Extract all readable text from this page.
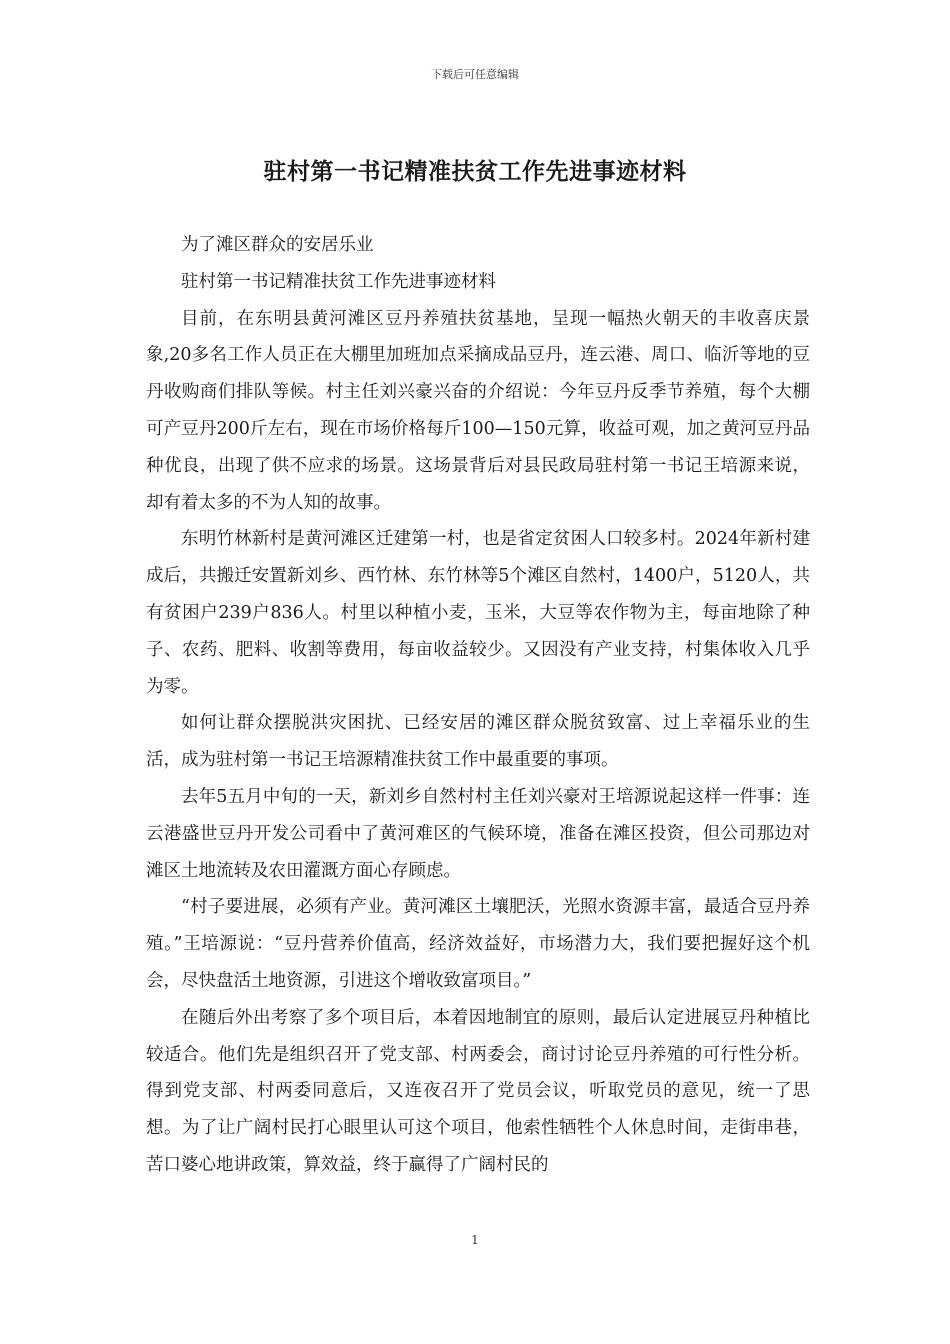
下载后可任意编辑
驻村第一书记精准扶贫工作先进事迹材料

为了滩区群众的安居乐业

驻村第一书记精准扶贫工作先进事迹材料

目前，在东明县黄河滩区豆丹养殖扶贫基地，呈现一幅热火朝天的丰收喜庆景象,20多名工作人员正在大棚里加班加点采摘成品豆丹，连云港、周口、临沂等地的豆丹收购商们排队等候。村主任刘兴豪兴奋的介绍说：今年豆丹反季节养殖，每个大棚可产豆丹200斤左右，现在市场价格每斤100—150元算，收益可观，加之黄河豆丹品种优良，出现了供不应求的场景。这场景背后对县民政局驻村第一书记王培源来说，却有着太多的不为人知的故事。

东明竹林新村是黄河滩区迁建第一村，也是省定贫困人口较多村。2024年新村建成后，共搬迁安置新刘乡、西竹林、东竹林等5个滩区自然村，1400户，5120人，共有贫困户239户836人。村里以种植小麦，玉米，大豆等农作物为主，每亩地除了种子、农药、肥料、收割等费用，每亩收益较少。又因没有产业支持，村集体收入几乎为零。

如何让群众摆脱洪灾困扰、已经安居的滩区群众脱贫致富、过上幸福乐业的生活，成为驻村第一书记王培源精准扶贫工作中最重要的事项。

去年5五月中旬的一天，新刘乡自然村村主任刘兴豪对王培源说起这样一件事：连云港盛世豆丹开发公司看中了黄河难区的气候环境，准备在滩区投资，但公司那边对滩区土地流转及农田灌溉方面心存顾虑。

“村子要进展，必须有产业。黄河滩区土壤肥沃，光照水资源丰富，最适合豆丹养殖。”王培源说：“豆丹营养价值高，经济效益好，市场潜力大，我们要把握好这个机会，尽快盘活土地资源，引进这个增收致富项目。”

在随后外出考察了多个项目后，本着因地制宜的原则，最后认定进展豆丹种植比较适合。他们先是组织召开了党支部、村两委会，商讨讨论豆丹养殖的可行性分析。得到党支部、村两委同意后，又连夜召开了党员会议，听取党员的意见，统一了思想。为了让广阔村民打心眼里认可这个项目，他索性牺牲个人休息时间，走街串巷，苦口婆心地讲政策，算效益，终于赢得了广阔村民的

1
